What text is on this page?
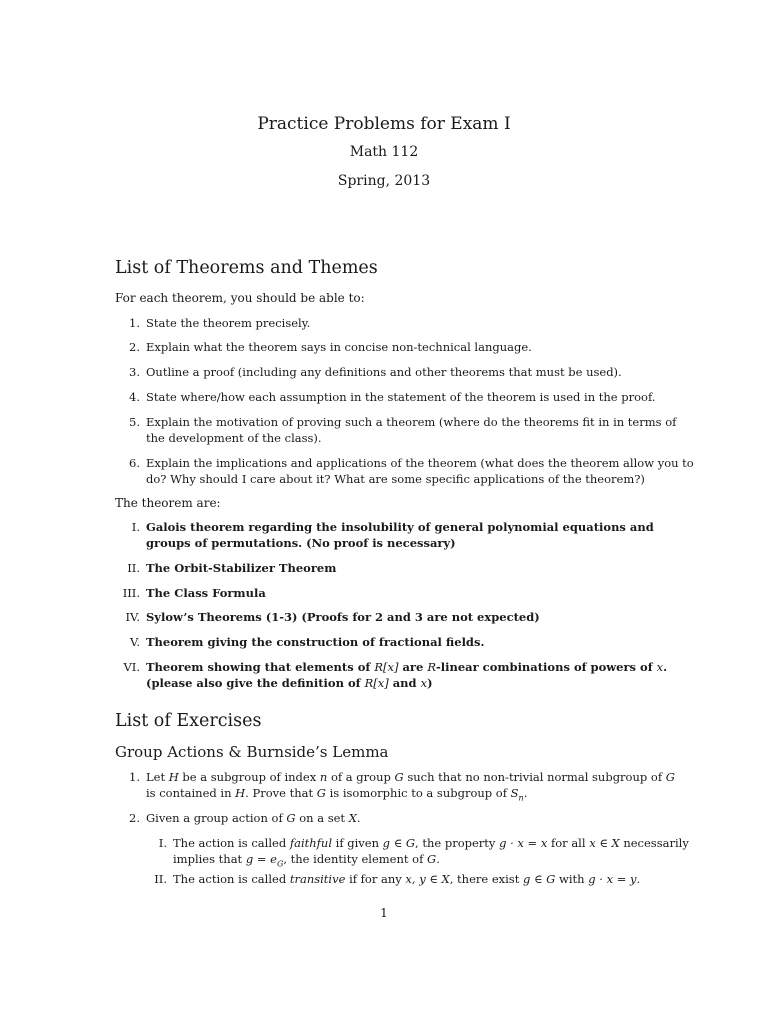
Practice Problems for Exam I
Math 112
Spring, 2013
List of Theorems and Themes

For each theorem, you should be able to:

1. State the theorem precisely.
2. Explain what the theorem says in concise non-technical language.
3. Outline a proof (including any definitions and other theorems that must be used).
4. State where/how each assumption in the statement of the theorem is used in the proof.
5. Explain the motivation of proving such a theorem (where do the theorems fit in in terms of
the development of the class).
6. Explain the implications and applications of the theorem (what does the theorem allow you to
do? Why should I care about it? What are some specific applications of the theorem?)

The theorem are:

I. Galois theorem regarding the insolubility of general polynomial equations and
groups of permutations. (No proof is necessary)
II. The Orbit-Stabilizer Theorem
III. The Class Formula
IV. Sylow’s Theorems (1-3) (Proofs for 2 and 3 are not expected)
V. Theorem giving the construction of fractional fields.
VI. Theorem showing that elements of R[x] are R-linear combinations of powers of x.
(please also give the definition of R[x] and x)
List of Exercises
Group Actions & Burnside’s Lemma
1. Let H be a subgroup of index n of a group G such that no non-trivial normal subgroup of G
is contained in H. Prove that G is isomorphic to a subgroup of $S_n$.
2. Given a group action of G on a set X.
I. The action is called faithful if given g ∈ G, the property g · x = x for all x ∈ X necessarily
implies that $g = e_G$, the identity element of G.
II. The action is called transitive if for any x, y ∈ X, there exist g ∈ G with g · x = y.
1
